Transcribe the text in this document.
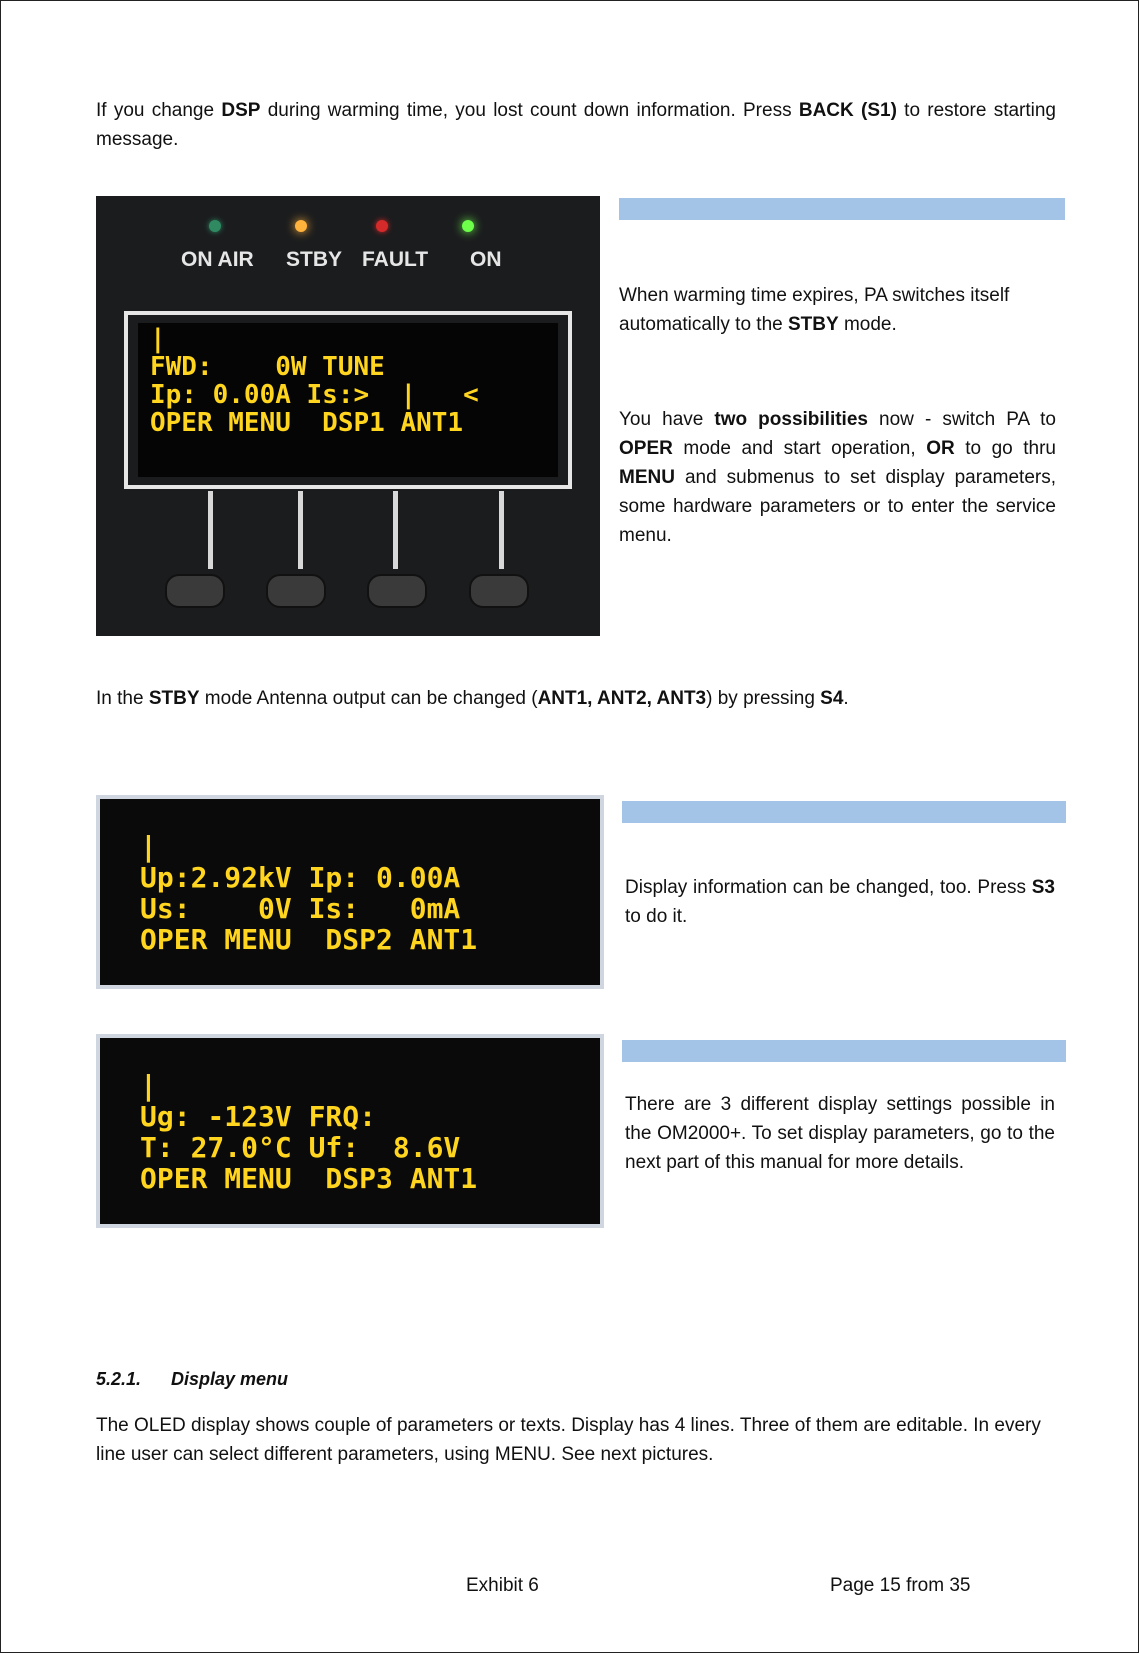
If you change DSP during warming time, you lost count down information. Press BACK (S1) to restore starting message.
ON AIR STBY FAULT ON
|
FWD:    0W TUNE
Ip: 0.00A Is:>  |   <
OPER MENU  DSP1 ANT1
When warming time expires, PA switches itself automatically to the STBY mode.
You have two possibilities now - switch PA to OPER mode and start operation, OR to go thru MENU and submenus to set display parameters, some hardware parameters or to enter the service menu.
In the STBY mode Antenna output can be changed (ANT1, ANT2, ANT3) by pressing S4.
|
Up:2.92kV Ip: 0.00A
Us:    0V Is:   0mA
OPER MENU  DSP2 ANT1
Display information can be changed, too. Press S3 to do it.
|
Ug: -123V FRQ:
T: 27.0°C Uf:  8.6V
OPER MENU  DSP3 ANT1
There are 3 different display settings possible in the OM2000+. To set display parameters, go to the next part of this manual for more details.
5.2.1. Display menu
The OLED display shows couple of parameters or texts. Display has 4 lines. Three of them are editable. In every line user can select different parameters, using MENU. See next pictures.
Exhibit 6	Page 15 from 35
